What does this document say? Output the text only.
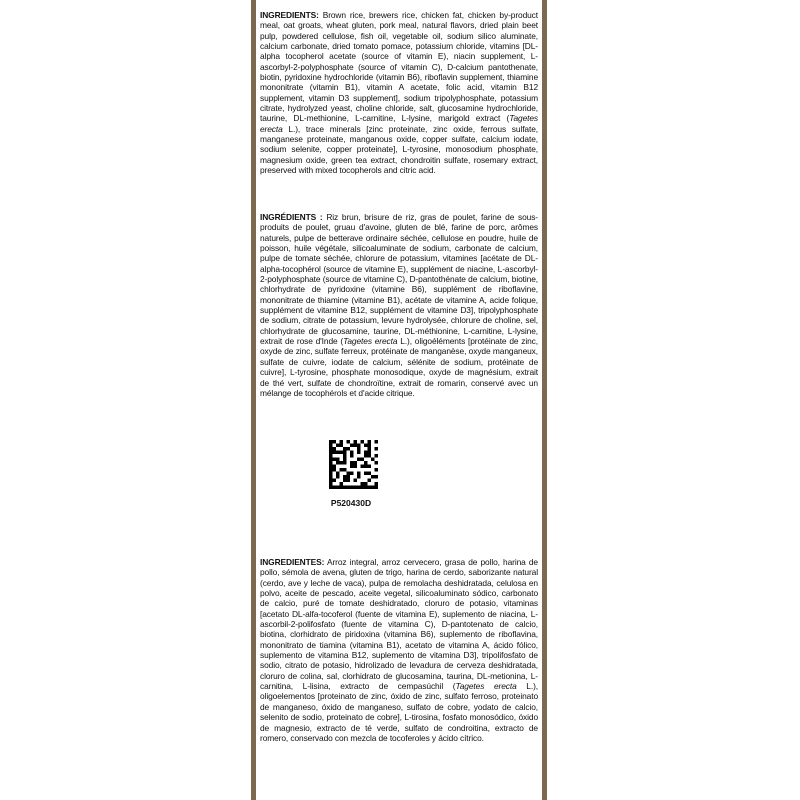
INGREDIENTS: Brown rice, brewers rice, chicken fat, chicken by-product meal, oat groats, wheat gluten, pork meal, natural flavors, dried plain beet pulp, powdered cellulose, fish oil, vegetable oil, sodium silico aluminate, calcium carbonate, dried tomato pomace, potassium chloride, vitamins [DL-alpha tocopherol acetate (source of vitamin E), niacin supplement, L-ascorbyl-2-polyphosphate (source of vitamin C), D-calcium pantothenate, biotin, pyridoxine hydrochloride (vitamin B6), riboflavin supplement, thiamine mononitrate (vitamin B1), vitamin A acetate, folic acid, vitamin B12 supplement, vitamin D3 supplement], sodium tripolyphosphate, potassium citrate, hydrolyzed yeast, choline chloride, salt, glucosamine hydrochloride, taurine, DL-methionine, L-carnitine, L-lysine, marigold extract (Tagetes erecta L.), trace minerals [zinc proteinate, zinc oxide, ferrous sulfate, manganese proteinate, manganous oxide, copper sulfate, calcium iodate, sodium selenite, copper proteinate], L-tyrosine, monosodium phosphate, magnesium oxide, green tea extract, chondroitin sulfate, rosemary extract, preserved with mixed tocopherols and citric acid.
INGRÉDIENTS : Riz brun, brisure de riz, gras de poulet, farine de sous-produits de poulet, gruau d'avoine, gluten de blé, farine de porc, arômes naturels, pulpe de betterave ordinaire séchée, cellulose en poudre, huile de poisson, huile végétale, silicoaluminate de sodium, carbonate de calcium, pulpe de tomate séchée, chlorure de potassium, vitamines [acétate de DL-alpha-tocophérol (source de vitamine E), supplément de niacine, L-ascorbyl-2-polyphosphate (source de vitamine C), D-pantothénate de calcium, biotine, chlorhydrate de pyridoxine (vitamine B6), supplément de riboflavine, mononitrate de thiamine (vitamine B1), acétate de vitamine A, acide folique, supplément de vitamine B12, supplément de vitamine D3], tripolyphosphate de sodium, citrate de potassium, levure hydrolysée, chlorure de choline, sel, chlorhydrate de glucosamine, taurine, DL-méthionine, L-carnitine, L-lysine, extrait de rose d'Inde (Tagetes erecta L.), oligoéléments [protéinate de zinc, oxyde de zinc, sulfate ferreux, protéinate de manganèse, oxyde manganeux, sulfate de cuivre, iodate de calcium, sélénite de sodium, protéinate de cuivre], L-tyrosine, phosphate monosodique, oxyde de magnésium, extrait de thé vert, sulfate de chondroïtine, extrait de romarin, conservé avec un mélange de tocophérols et d'acide citrique.
P520430D
INGREDIENTES: Arroz integral, arroz cervecero, grasa de pollo, harina de pollo, sémola de avena, gluten de trigo, harina de cerdo, saborizante natural (cerdo, ave y leche de vaca), pulpa de remolacha deshidratada, celulosa en polvo, aceite de pescado, aceite vegetal, silicoaluminato sódico, carbonato de calcio, puré de tomate deshidratado, cloruro de potasio, vitaminas [acetato DL-alfa-tocoferol (fuente de vitamina E), suplemento de niacina, L-ascorbil-2-polifosfato (fuente de vitamina C), D-pantotenato de calcio, biotina, clorhidrato de piridoxina (vitamina B6), suplemento de riboflavina, mononitrato de tiamina (vitamina B1), acetato de vitamina A, ácido fólico, suplemento de vitamina B12, suplemento de vitamina D3], tripolifosfato de sodio, citrato de potasio, hidrolizado de levadura de cerveza deshidratada, cloruro de colina, sal, clorhidrato de glucosamina, taurina, DL-metionina, L-carnitina, L-lisina, extracto de cempasúchil (Tagetes erecta L.), oligoelementos [proteinato de zinc, óxido de zinc, sulfato ferroso, proteinato de manganeso, óxido de manganeso, sulfato de cobre, yodato de calcio, selenito de sodio, proteinato de cobre], L-tirosina, fosfato monosódico, óxido de magnesio, extracto de té verde, sulfato de condroitina, extracto de romero, conservado con mezcla de tocoferoles y ácido cítrico.
